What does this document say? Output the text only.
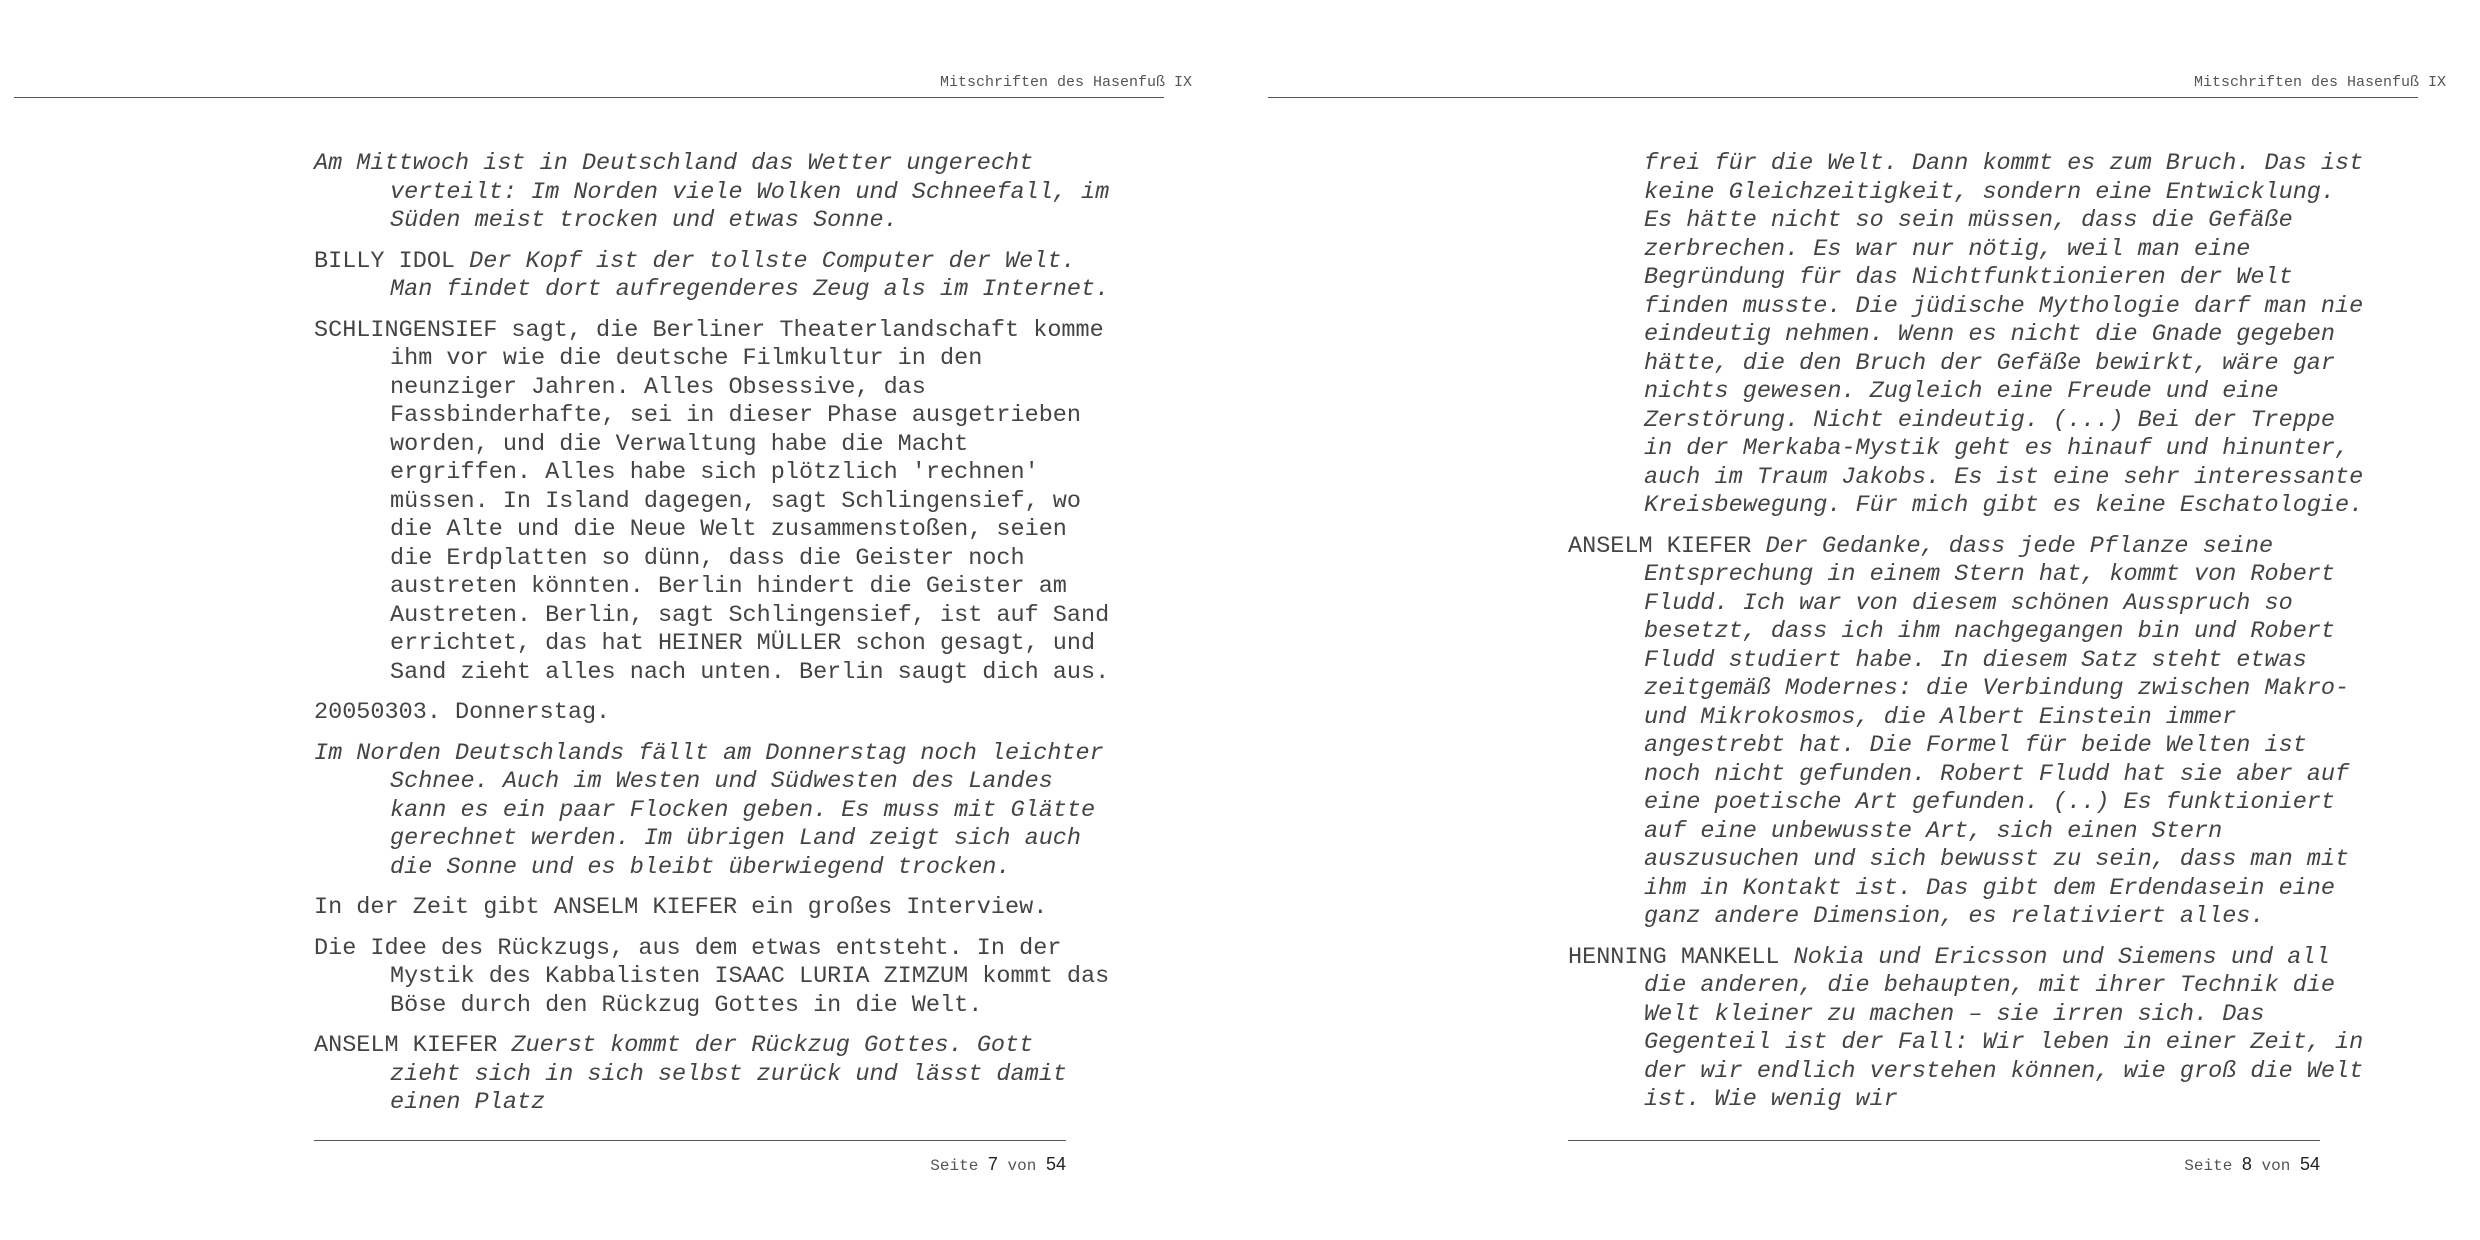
Mitschriften des Hasenfuß IX

Am Mittwoch ist in Deutschland das Wetter ungerecht verteilt: Im Norden viele Wolken und Schneefall, im Süden meist trocken und etwas Sonne.

BILLY IDOL Der Kopf ist der tollste Computer der Welt. Man findet dort aufregenderes Zeug als im Internet.

SCHLINGENSIEF sagt, die Berliner Theaterlandschaft komme ihm vor wie die deutsche Filmkultur in den neunziger Jahren. Alles Obsessive, das Fassbinderhafte, sei in dieser Phase ausgetrieben worden, und die Verwaltung habe die Macht ergriffen. Alles habe sich plötzlich 'rechnen' müssen. In Island dagegen, sagt Schlingensief, wo die Alte und die Neue Welt zusammenstoßen, seien die Erdplatten so dünn, dass die Geister noch austreten könnten. Berlin hindert die Geister am Austreten. Berlin, sagt Schlingensief, ist auf Sand errichtet, das hat HEINER MÜLLER schon gesagt, und Sand zieht alles nach unten. Berlin saugt dich aus.

20050303. Donnerstag.

Im Norden Deutschlands fällt am Donnerstag noch leichter Schnee. Auch im Westen und Südwesten des Landes kann es ein paar Flocken geben. Es muss mit Glätte gerechnet werden. Im übrigen Land zeigt sich auch die Sonne und es bleibt überwiegend trocken.

In der Zeit gibt ANSELM KIEFER ein großes Interview.

Die Idee des Rückzugs, aus dem etwas entsteht. In der Mystik des Kabbalisten ISAAC LURIA ZIMZUM kommt das Böse durch den Rückzug Gottes in die Welt.

ANSELM KIEFER Zuerst kommt der Rückzug Gottes. Gott zieht sich in sich selbst zurück und lässt damit einen Platz

Seite 7 von 54
Mitschriften des Hasenfuß IX

frei für die Welt. Dann kommt es zum Bruch. Das ist keine Gleichzeitigkeit, sondern eine Entwicklung. Es hätte nicht so sein müssen, dass die Gefäße zerbrechen. Es war nur nötig, weil man eine Begründung für das Nichtfunktionieren der Welt finden musste. Die jüdische Mythologie darf man nie eindeutig nehmen. Wenn es nicht die Gnade gegeben hätte, die den Bruch der Gefäße bewirkt, wäre gar nichts gewesen. Zugleich eine Freude und eine Zerstörung. Nicht eindeutig. (...) Bei der Treppe in der Merkaba-Mystik geht es hinauf und hinunter, auch im Traum Jakobs. Es ist eine sehr interessante Kreisbewegung. Für mich gibt es keine Eschatologie.

ANSELM KIEFER Der Gedanke, dass jede Pflanze seine Entsprechung in einem Stern hat, kommt von Robert Fludd. Ich war von diesem schönen Ausspruch so besetzt, dass ich ihm nachgegangen bin und Robert Fludd studiert habe. In diesem Satz steht etwas zeitgemäß Modernes: die Verbindung zwischen Makro- und Mikrokosmos, die Albert Einstein immer angestrebt hat. Die Formel für beide Welten ist noch nicht gefunden. Robert Fludd hat sie aber auf eine poetische Art gefunden. (..) Es funktioniert auf eine unbewusste Art, sich einen Stern auszusuchen und sich bewusst zu sein, dass man mit ihm in Kontakt ist. Das gibt dem Erdendasein eine ganz andere Dimension, es relativiert alles.

HENNING MANKELL Nokia und Ericsson und Siemens und all die anderen, die behaupten, mit ihrer Technik die Welt kleiner zu machen – sie irren sich. Das Gegenteil ist der Fall: Wir leben in einer Zeit, in der wir endlich verstehen können, wie groß die Welt ist. Wie wenig wir

Seite 8 von 54
